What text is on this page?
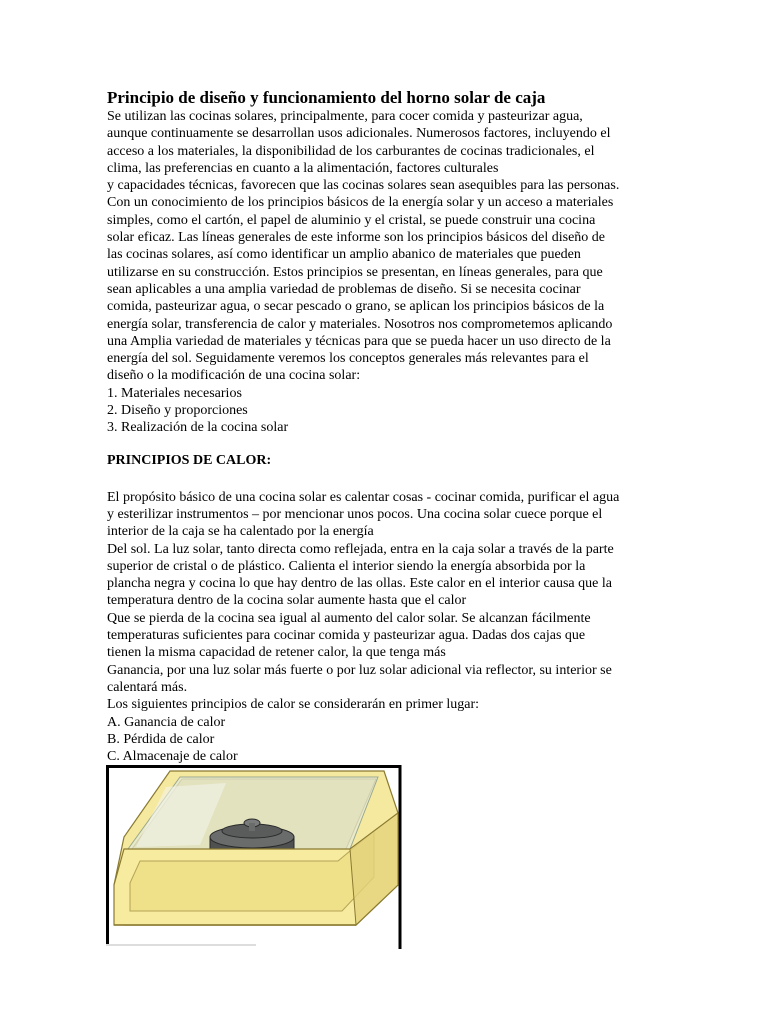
Principio de diseño y funcionamiento del horno solar de caja
Se utilizan las cocinas solares, principalmente, para cocer comida y pasteurizar agua,
aunque continuamente se desarrollan usos adicionales. Numerosos factores, incluyendo el
acceso a los materiales, la disponibilidad de los carburantes de cocinas tradicionales, el
clima, las preferencias en cuanto a la alimentación, factores culturales
y capacidades técnicas, favorecen que las cocinas solares sean asequibles para las personas.
Con un conocimiento de los principios básicos de la energía solar y un acceso a materiales
simples, como el cartón, el papel de aluminio y el cristal, se puede construir una cocina
solar eficaz. Las líneas generales de este informe son los principios básicos del diseño de
las cocinas solares, así como identificar un amplio abanico de materiales que pueden
utilizarse en su construcción. Estos principios se presentan, en líneas generales, para que
sean aplicables a una amplia variedad de problemas de diseño. Si se necesita cocinar
comida, pasteurizar agua, o secar pescado o grano, se aplican los principios básicos de la
energía solar, transferencia de calor y materiales. Nosotros nos comprometemos aplicando
una Amplia variedad de materiales y técnicas para que se pueda hacer un uso directo de la
energía del sol. Seguidamente veremos los conceptos generales más relevantes para el
diseño o la modificación de una cocina solar:
1. Materiales necesarios
2. Diseño y proporciones
3. Realización de la cocina solar
PRINCIPIOS DE CALOR:
El propósito básico de una cocina solar es calentar cosas - cocinar comida, purificar el agua
y esterilizar instrumentos – por mencionar unos pocos. Una cocina solar cuece porque el
interior de la caja se ha calentado por la energía
Del sol. La luz solar, tanto directa como reflejada, entra en la caja solar a través de la parte
superior de cristal o de plástico. Calienta el interior siendo la energía absorbida por la
plancha negra y cocina lo que hay dentro de las ollas. Este calor en el interior causa que la
temperatura dentro de la cocina solar aumente hasta que el calor
Que se pierda de la cocina sea igual al aumento del calor solar. Se alcanzan fácilmente
temperaturas suficientes para cocinar comida y pasteurizar agua. Dadas dos cajas que
tienen la misma capacidad de retener calor, la que tenga más
Ganancia, por una luz solar más fuerte o por luz solar adicional via reflector, su interior se
calentará más.
Los siguientes principios de calor se considerarán en primer lugar:
A. Ganancia de calor
B. Pérdida de calor
C. Almacenaje de calor
